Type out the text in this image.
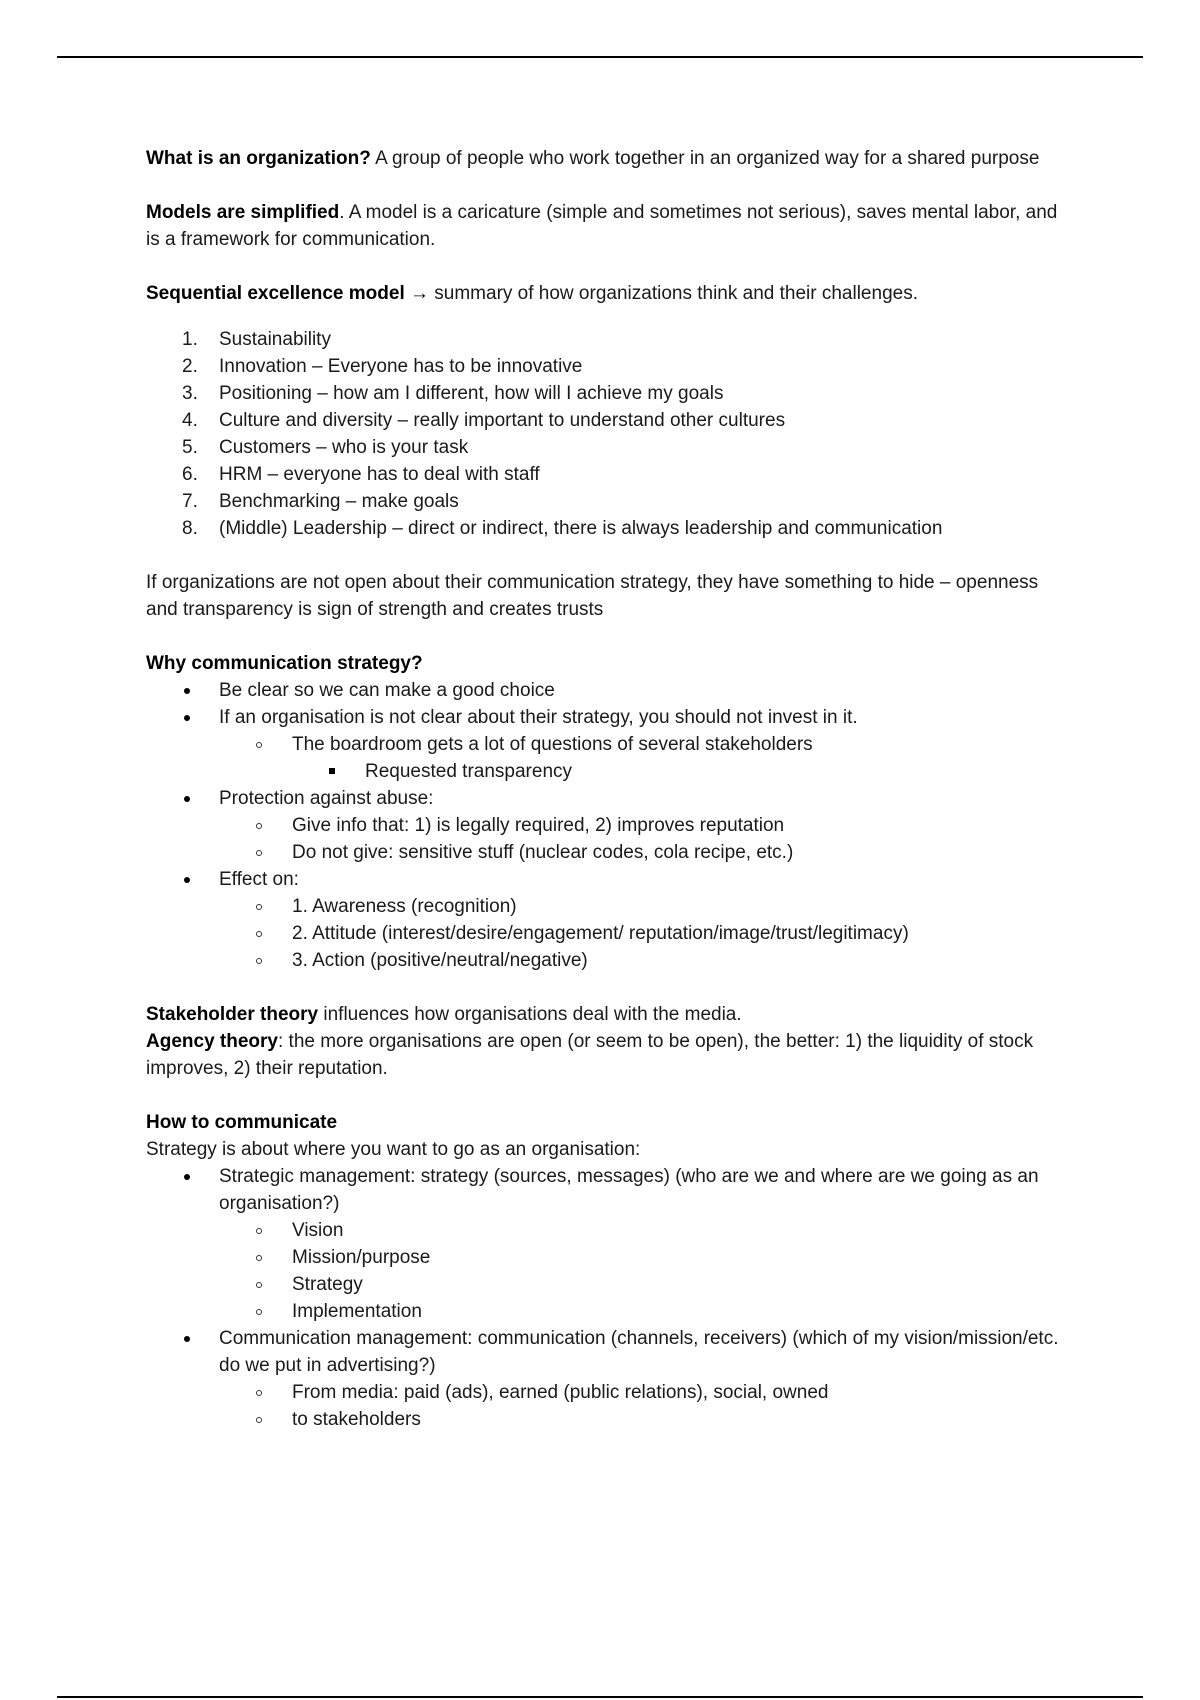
What is an organization? A group of people who work together in an organized way for a shared purpose

Models are simplified. A model is a caricature (simple and sometimes not serious), saves mental labor, and is a framework for communication.

Sequential excellence model → summary of how organizations think and their challenges.

1. Sustainability
2. Innovation – Everyone has to be innovative
3. Positioning – how am I different, how will I achieve my goals
4. Culture and diversity – really important to understand other cultures
5. Customers – who is your task
6. HRM – everyone has to deal with staff
7. Benchmarking – make goals
8. (Middle) Leadership – direct or indirect, there is always leadership and communication

If organizations are not open about their communication strategy, they have something to hide – openness and transparency is sign of strength and creates trusts

Why communication strategy?

Be clear so we can make a good choice
If an organisation is not clear about their strategy, you should not invest in it.
The boardroom gets a lot of questions of several stakeholders
Requested transparency
Protection against abuse:
Give info that: 1) is legally required, 2) improves reputation
Do not give: sensitive stuff (nuclear codes, cola recipe, etc.)
Effect on:
1. Awareness (recognition)
2. Attitude (interest/desire/engagement/ reputation/image/trust/legitimacy)
3. Action (positive/neutral/negative)

Stakeholder theory influences how organisations deal with the media.

Agency theory: the more organisations are open (or seem to be open), the better: 1) the liquidity of stock improves, 2) their reputation.

How to communicate

Strategy is about where you want to go as an organisation:

Strategic management: strategy (sources, messages) (who are we and where are we going as an organisation?)
Vision
Mission/purpose
Strategy
Implementation
Communication management: communication (channels, receivers) (which of my vision/mission/etc. do we put in advertising?)
From media: paid (ads), earned (public relations), social, owned
to stakeholders
